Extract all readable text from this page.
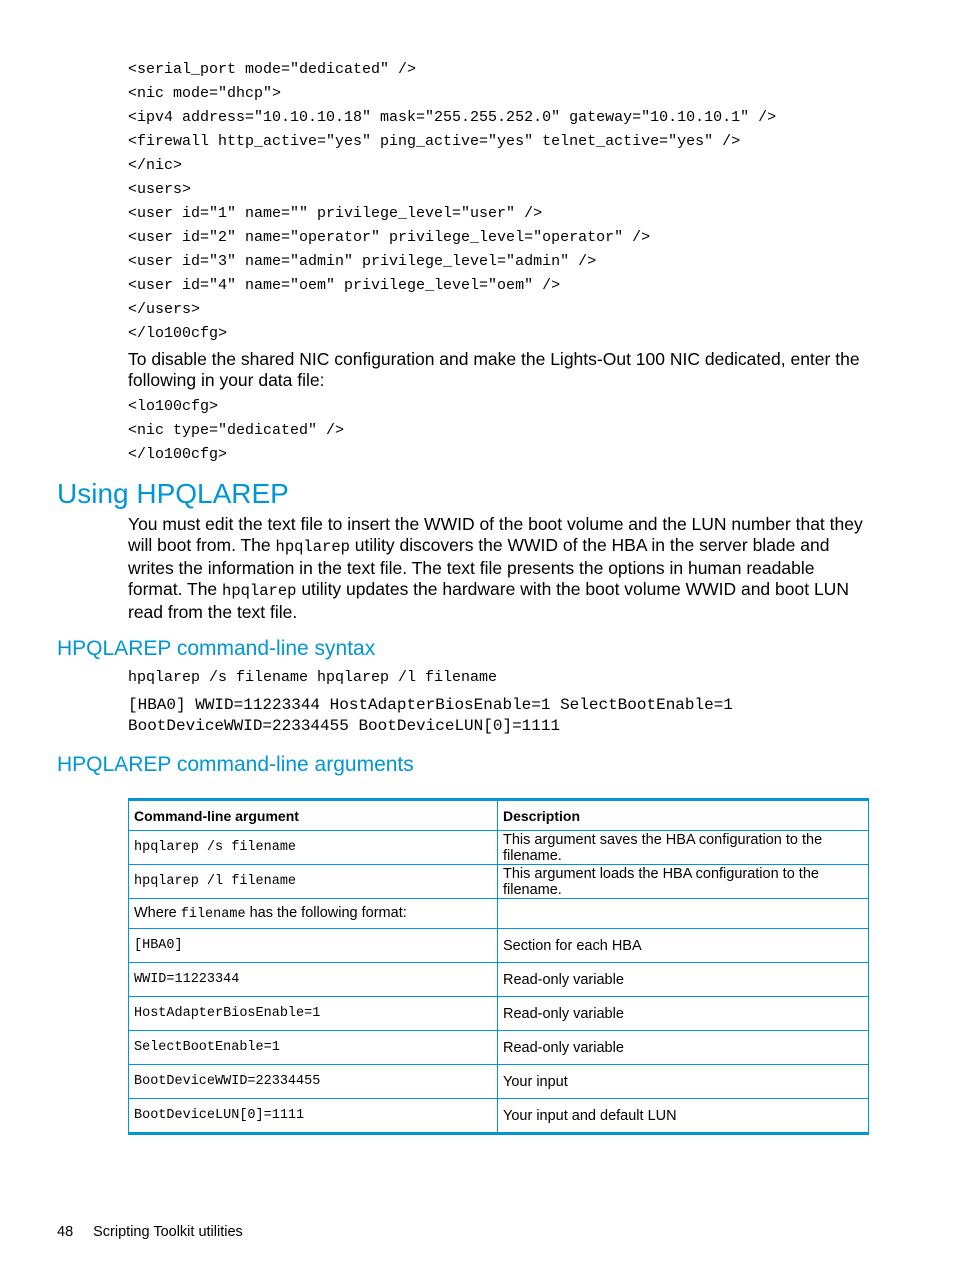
<serial_port mode="dedicated" />
<nic mode="dhcp">
<ipv4 address="10.10.10.18" mask="255.255.252.0" gateway="10.10.10.1" />
<firewall http_active="yes" ping_active="yes" telnet_active="yes" />
</nic>
<users>
<user id="1" name="" privilege_level="user" />
<user id="2" name="operator" privilege_level="operator" />
<user id="3" name="admin" privilege_level="admin" />
<user id="4" name="oem" privilege_level="oem" />
</users>
</lo100cfg>
To disable the shared NIC configuration and make the Lights-Out 100 NIC dedicated, enter the following in your data file:
<lo100cfg>
<nic type="dedicated" />
</lo100cfg>
Using HPQLAREP
You must edit the text file to insert the WWID of the boot volume and the LUN number that they will boot from. The hpqlarep utility discovers the WWID of the HBA in the server blade and writes the information in the text file. The text file presents the options in human readable format. The hpqlarep utility updates the hardware with the boot volume WWID and boot LUN read from the text file.
HPQLAREP command-line syntax
hpqlarep /s filename hpqlarep /l filename
[HBA0] WWID=11223344 HostAdapterBiosEnable=1 SelectBootEnable=1
BootDeviceWWID=22334455 BootDeviceLUN[0]=1111
HPQLAREP command-line arguments
Command-line argument	Description
hpqlarep /s filename	This argument saves the HBA configuration to the filename.
hpqlarep /l filename	This argument loads the HBA configuration to the filename.
Where filename has the following format:	
[HBA0]	Section for each HBA
WWID=11223344	Read-only variable
HostAdapterBiosEnable=1	Read-only variable
SelectBootEnable=1	Read-only variable
BootDeviceWWID=22334455	Your input
BootDeviceLUN[0]=1111	Your input and default LUN
48 Scripting Toolkit utilities
